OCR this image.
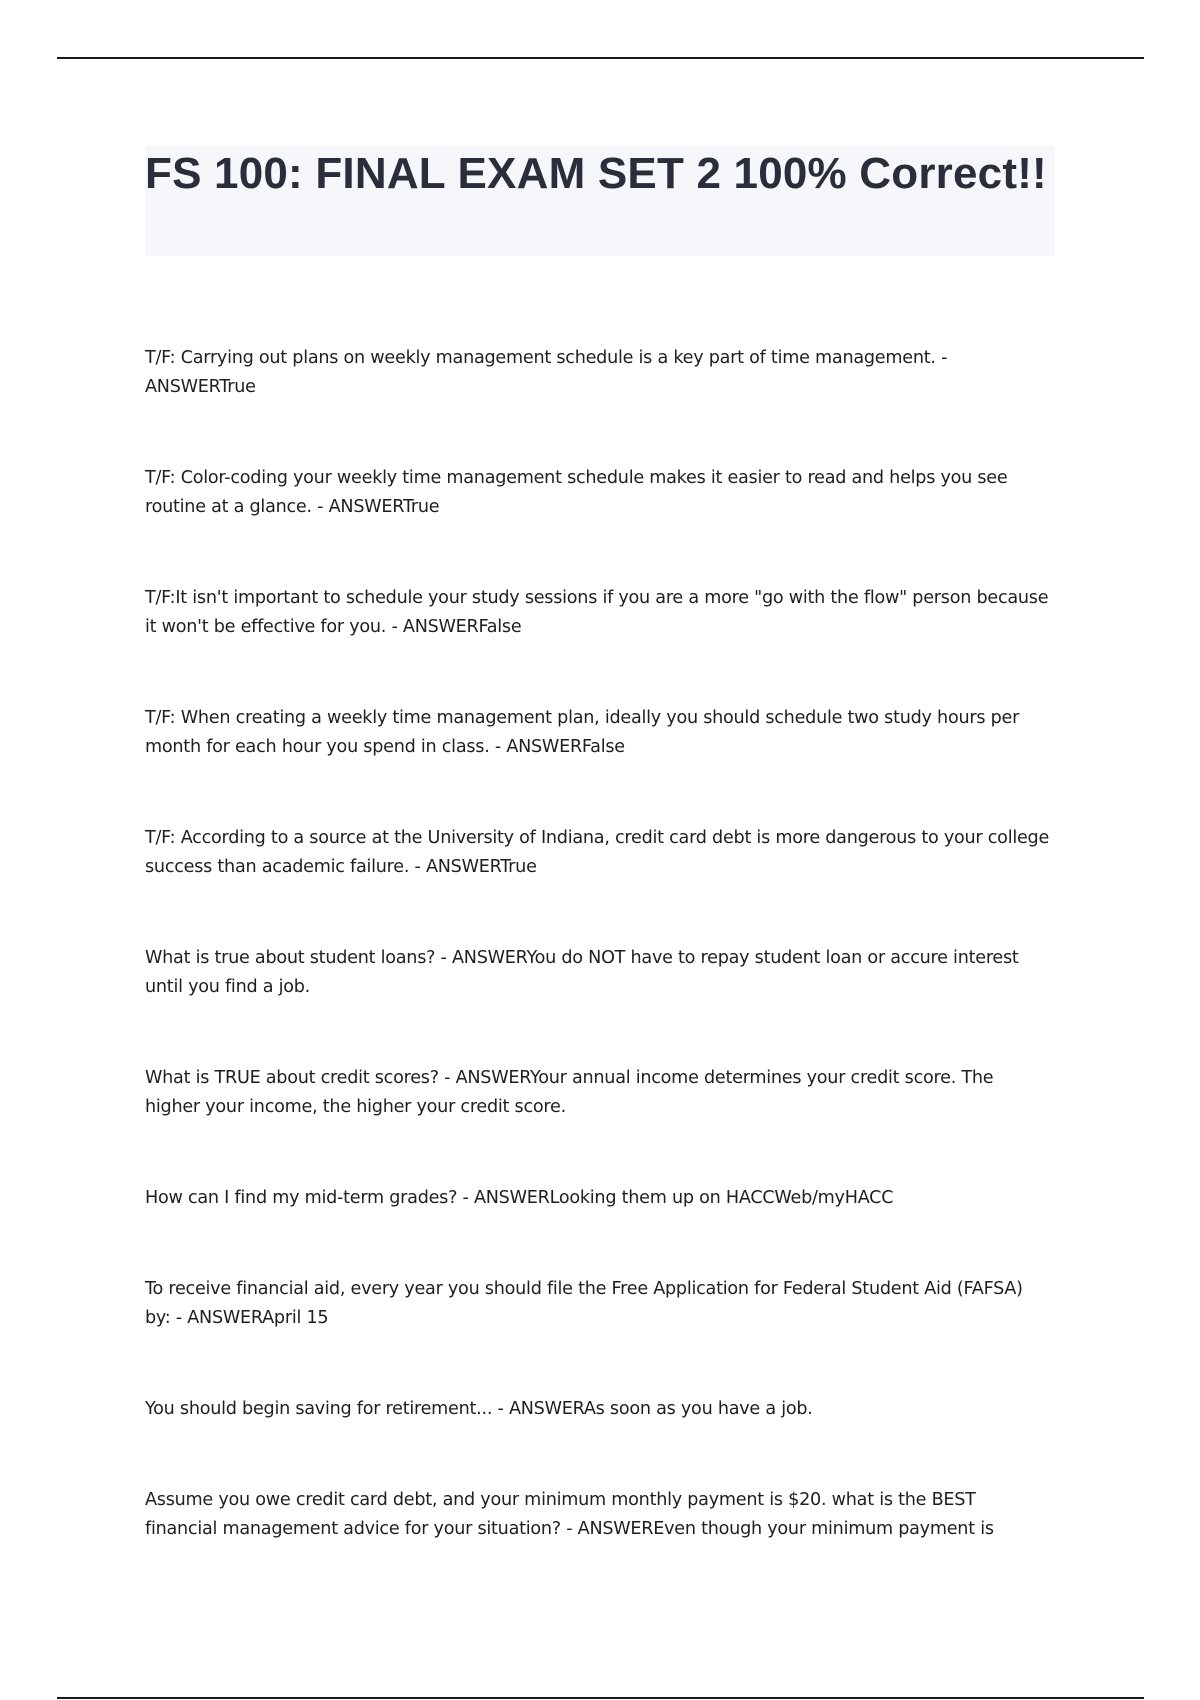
FS 100: FINAL EXAM SET 2 100% Correct!!

T/F: Carrying out plans on weekly management schedule is a key part of time management. - ANSWERTrue

T/F: Color-coding your weekly time management schedule makes it easier to read and helps you see routine at a glance. - ANSWERTrue

T/F:It isn't important to schedule your study sessions if you are a more "go with the flow" person because it won't be effective for you. - ANSWERFalse

T/F: When creating a weekly time management plan, ideally you should schedule two study hours per month for each hour you spend in class. - ANSWERFalse

T/F: According to a source at the University of Indiana, credit card debt is more dangerous to your college success than academic failure. - ANSWERTrue

What is true about student loans? - ANSWERYou do NOT have to repay student loan or accure interest until you find a job.

What is TRUE about credit scores? - ANSWERYour annual income determines your credit score. The higher your income, the higher your credit score.

How can I find my mid-term grades? - ANSWERLooking them up on HACCWeb/myHACC

To receive financial aid, every year you should file the Free Application for Federal Student Aid (FAFSA) by: - ANSWERApril 15

You should begin saving for retirement... - ANSWERAs soon as you have a job.

Assume you owe credit card debt, and your minimum monthly payment is $20. what is the BEST financial management advice for your situation? - ANSWEREven though your minimum payment is
